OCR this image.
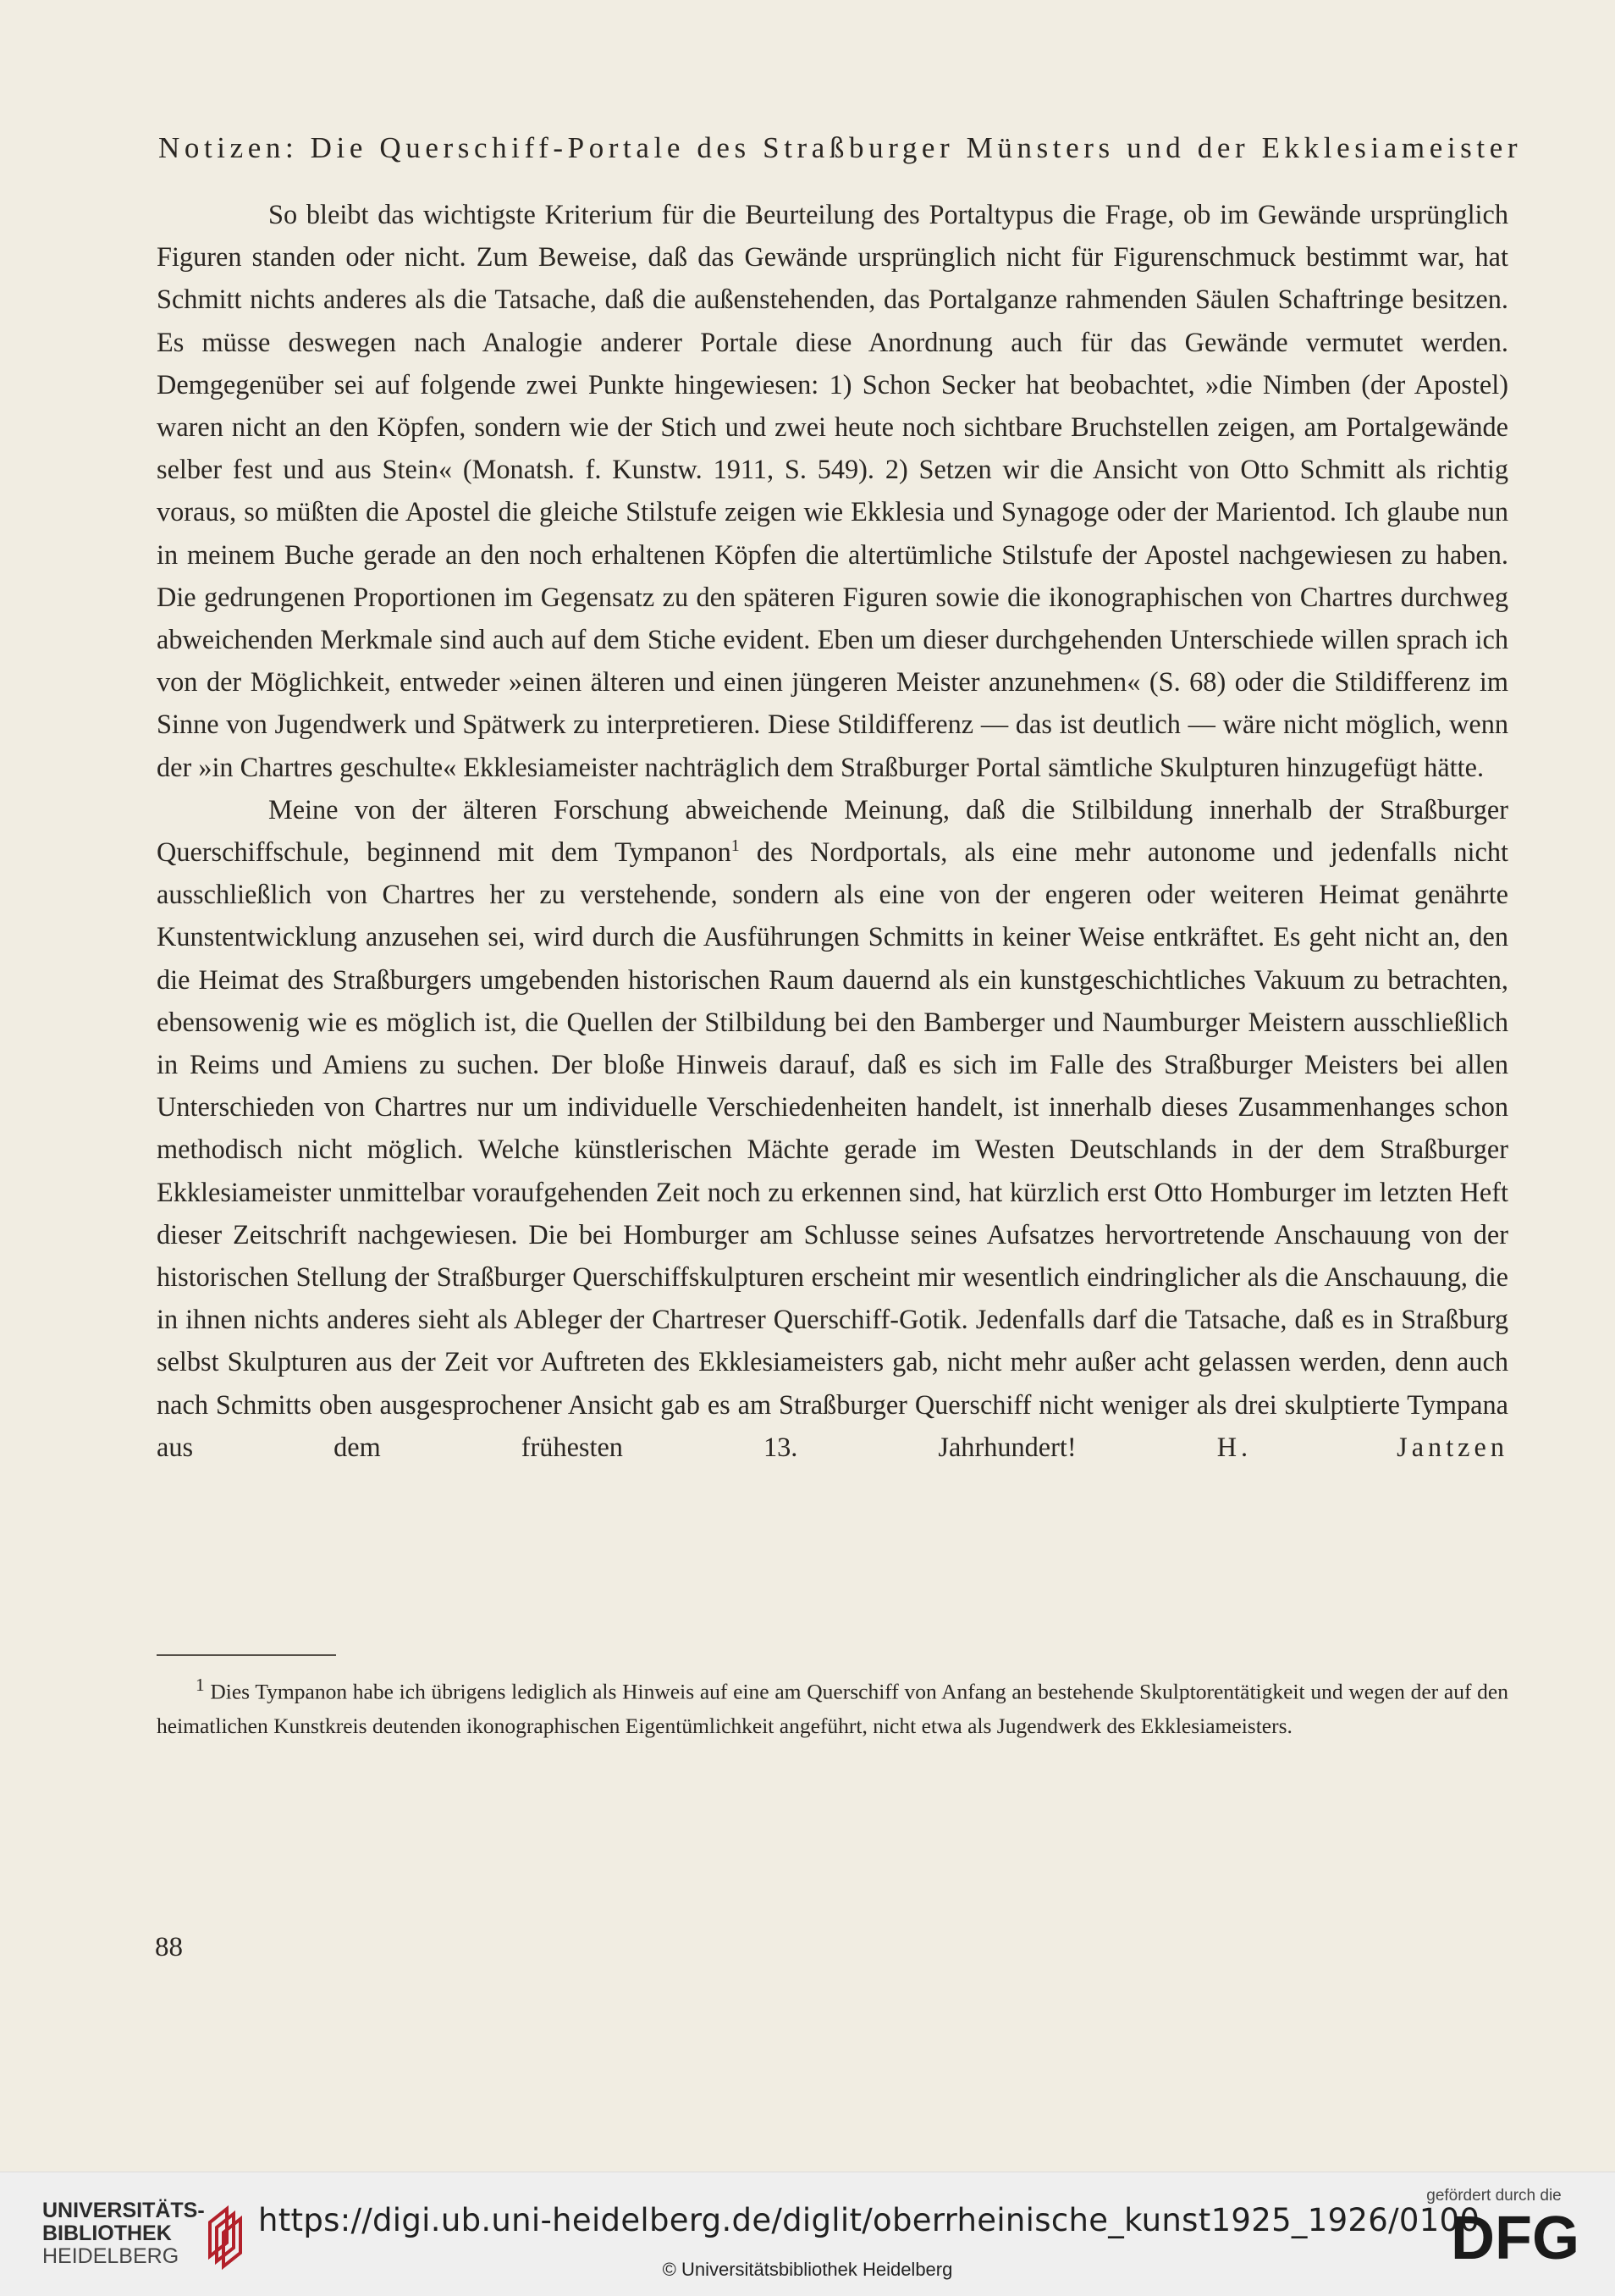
Notizen: Die Querschiff-Portale des Straßburger Münsters und der Ekklesiameister

So bleibt das wichtigste Kriterium für die Beurteilung des Portaltypus die Frage, ob im Gewände ursprünglich Figuren standen oder nicht. Zum Beweise, daß das Gewände ursprünglich nicht für Figurenschmuck bestimmt war, hat Schmitt nichts anderes als die Tatsache, daß die außenstehenden, das Portalganze rahmenden Säulen Schaftringe besitzen. Es müsse deswegen nach Analogie anderer Portale diese Anordnung auch für das Gewände vermutet werden. Demgegenüber sei auf folgende zwei Punkte hingewiesen: 1) Schon Secker hat beobachtet, »die Nimben (der Apostel) waren nicht an den Köpfen, sondern wie der Stich und zwei heute noch sichtbare Bruchstellen zeigen, am Portalgewände selber fest und aus Stein« (Monatsh. f. Kunstw. 1911, S. 549). 2) Setzen wir die Ansicht von Otto Schmitt als richtig voraus, so müßten die Apostel die gleiche Stilstufe zeigen wie Ekklesia und Synagoge oder der Marientod. Ich glaube nun in meinem Buche gerade an den noch erhaltenen Köpfen die altertümliche Stilstufe der Apostel nachgewiesen zu haben. Die gedrungenen Proportionen im Gegensatz zu den späteren Figuren sowie die ikonographischen von Chartres durchweg abweichenden Merkmale sind auch auf dem Stiche evident. Eben um dieser durchgehenden Unterschiede willen sprach ich von der Möglichkeit, entweder »einen älteren und einen jüngeren Meister anzunehmen« (S. 68) oder die Stildifferenz im Sinne von Jugendwerk und Spätwerk zu interpretieren. Diese Stildifferenz — das ist deutlich — wäre nicht möglich, wenn der »in Chartres geschulte« Ekklesiameister nachträglich dem Straßburger Portal sämtliche Skulpturen hinzugefügt hätte.

Meine von der älteren Forschung abweichende Meinung, daß die Stilbildung innerhalb der Straßburger Querschiffschule, beginnend mit dem Tympanon$^1$ des Nordportals, als eine mehr autonome und jedenfalls nicht ausschließlich von Chartres her zu verstehende, sondern als eine von der engeren oder weiteren Heimat genährte Kunstentwicklung anzusehen sei, wird durch die Ausführungen Schmitts in keiner Weise entkräftet. Es geht nicht an, den die Heimat des Straßburgers umgebenden historischen Raum dauernd als ein kunstgeschichtliches Vakuum zu betrachten, ebensowenig wie es möglich ist, die Quellen der Stilbildung bei den Bamberger und Naumburger Meistern ausschließlich in Reims und Amiens zu suchen. Der bloße Hinweis darauf, daß es sich im Falle des Straßburger Meisters bei allen Unterschieden von Chartres nur um individuelle Verschiedenheiten handelt, ist innerhalb dieses Zusammenhanges schon methodisch nicht möglich. Welche künstlerischen Mächte gerade im Westen Deutschlands in der dem Straßburger Ekklesiameister unmittelbar voraufgehenden Zeit noch zu erkennen sind, hat kürzlich erst Otto Homburger im letzten Heft dieser Zeitschrift nachgewiesen. Die bei Homburger am Schlusse seines Aufsatzes hervortretende Anschauung von der historischen Stellung der Straßburger Querschiffskulpturen erscheint mir wesentlich eindringlicher als die Anschauung, die in ihnen nichts anderes sieht als Ableger der Chartreser Querschiff-Gotik. Jedenfalls darf die Tatsache, daß es in Straßburg selbst Skulpturen aus der Zeit vor Auftreten des Ekklesiameisters gab, nicht mehr außer acht gelassen werden, denn auch nach Schmitts oben ausgesprochener Ansicht gab es am Straßburger Querschiff nicht weniger als drei skulptierte Tympana aus dem frühesten 13. Jahrhundert!	H. Jantzen

$^1$ Dies Tympanon habe ich übrigens lediglich als Hinweis auf eine am Querschiff von Anfang an bestehende Skulptorentätigkeit und wegen der auf den heimatlichen Kunstkreis deutenden ikonographischen Eigentümlichkeit angeführt, nicht etwa als Jugendwerk des Ekklesiameisters.

88
UNIVERSITÄTS-
BIBLIOTHEK
HEIDELBERG
https://digi.ub.uni-heidelberg.de/diglit/oberrheinische_kunst1925_1926/0100
© Universitätsbibliothek Heidelberg
gefördert durch die
DFG
